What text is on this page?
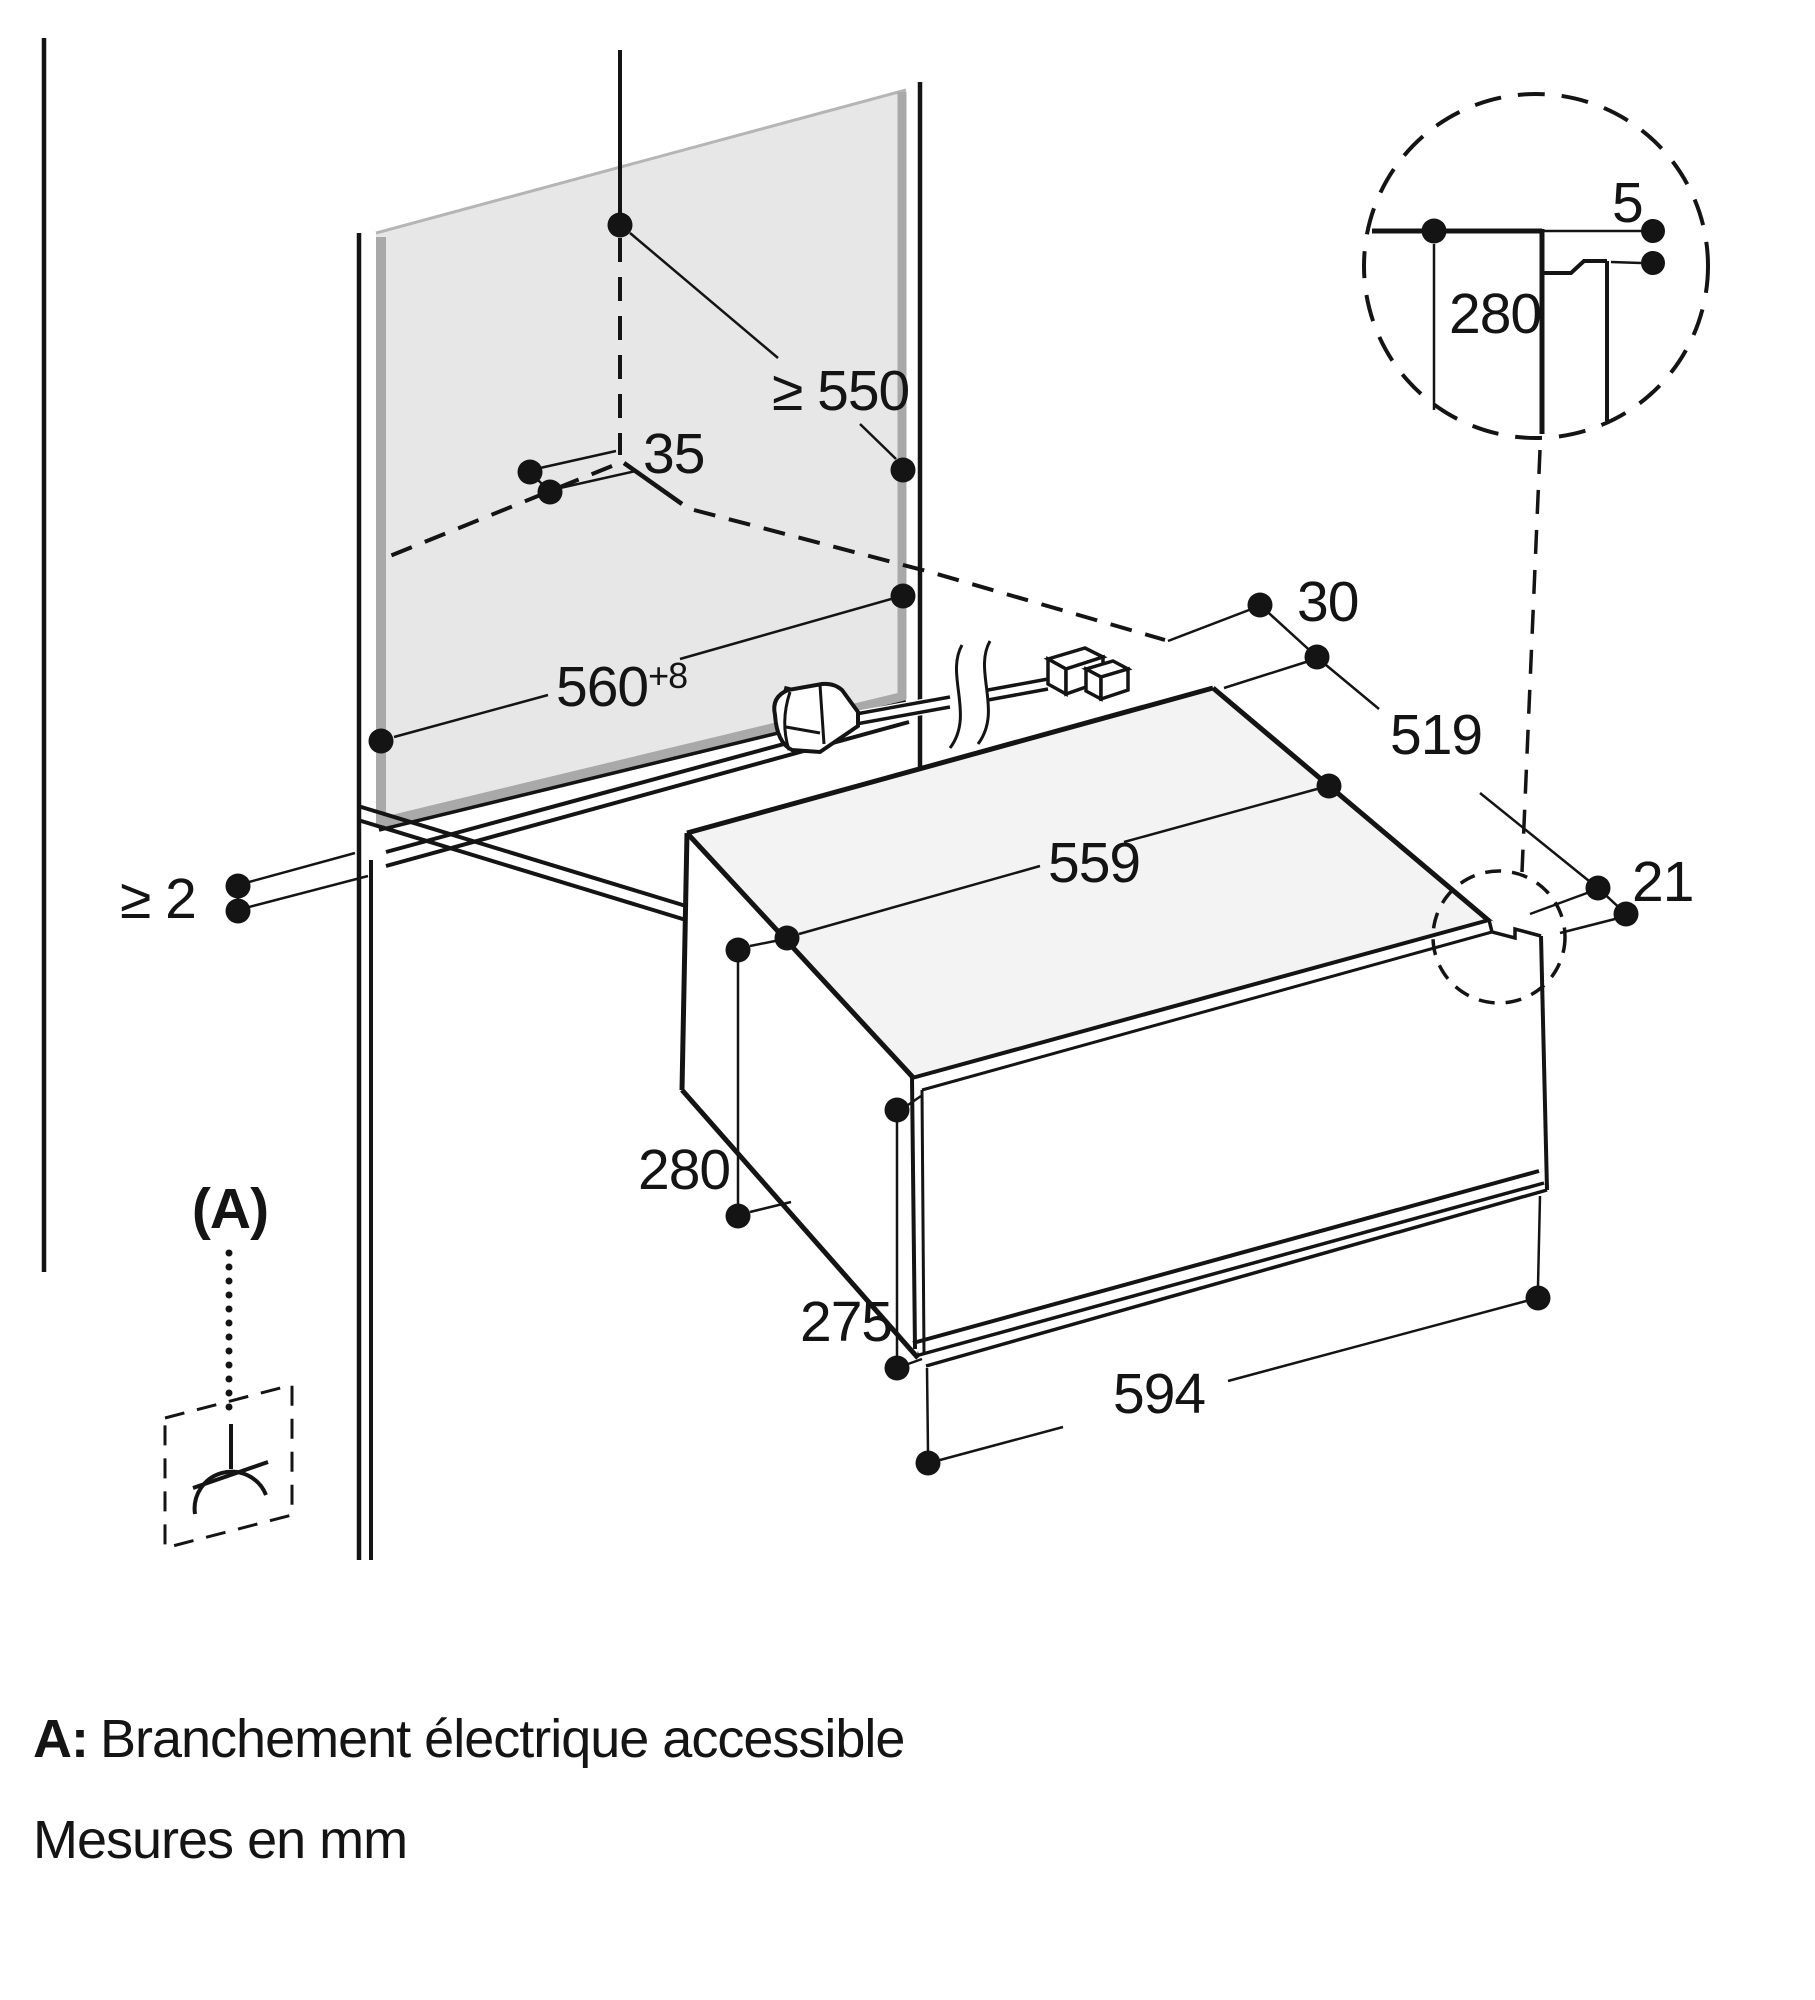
≥ 550
35
$560^{+8}$
≥ 2
30
519
559
280
275
594
21
280
5
(A)
A: Branchement électrique accessible
Mesures en mm
